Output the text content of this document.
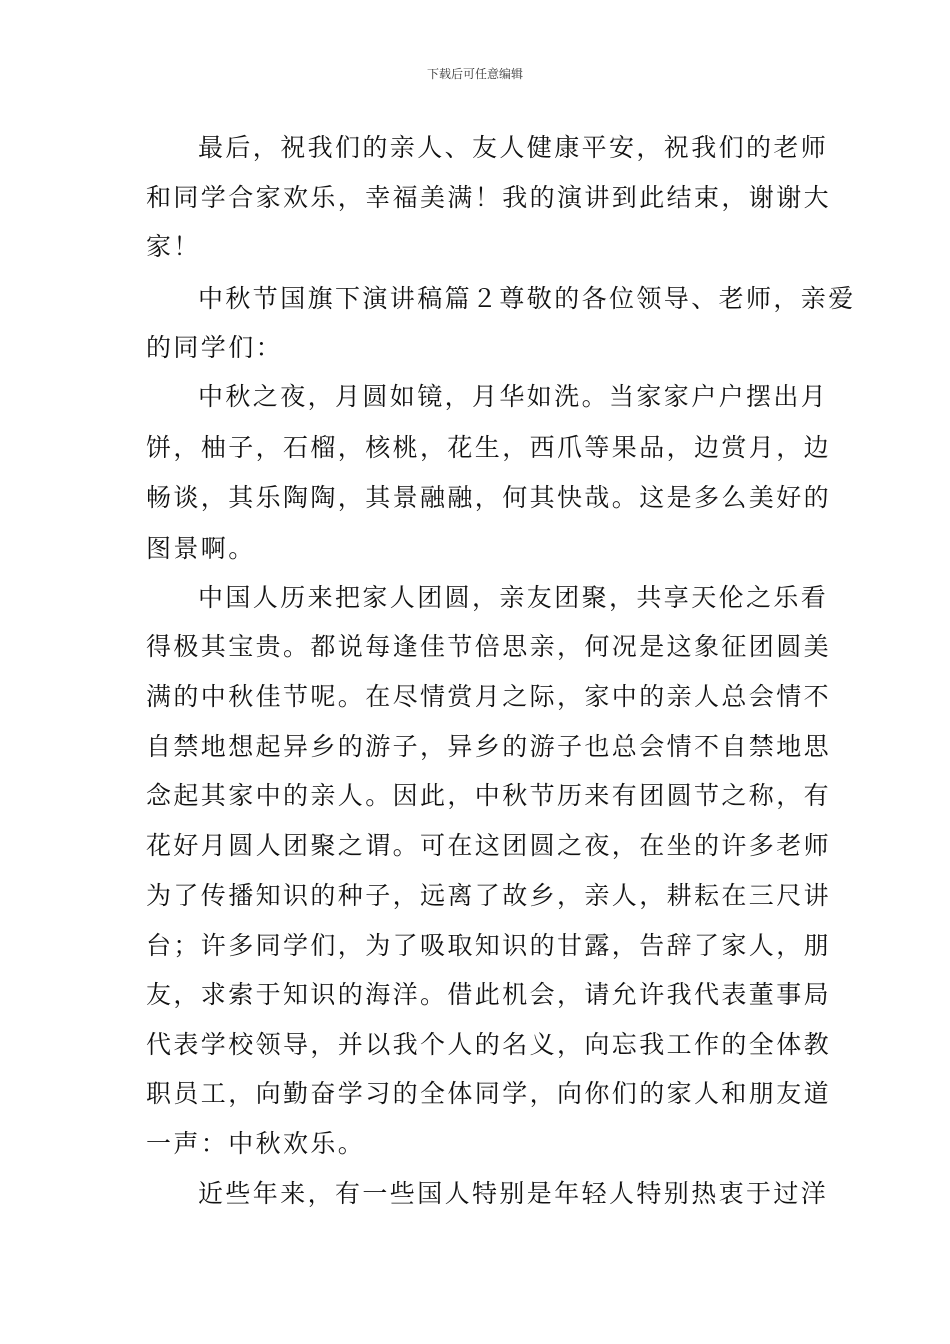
下载后可任意编辑
最后，祝我们的亲人、友人健康平安，祝我们的老师
和同学合家欢乐，幸福美满！我的演讲到此结束，谢谢大
家！
中秋节国旗下演讲稿篇２尊敬的各位领导、老师，亲爱
的同学们：
中秋之夜，月圆如镜，月华如洗。当家家户户摆出月
饼，柚子，石榴，核桃，花生，西爪等果品，边赏月，边
畅谈，其乐陶陶，其景融融，何其快哉。这是多么美好的
图景啊。
中国人历来把家人团圆，亲友团聚，共享天伦之乐看
得极其宝贵。都说每逢佳节倍思亲，何况是这象征团圆美
满的中秋佳节呢。在尽情赏月之际，家中的亲人总会情不
自禁地想起异乡的游子，异乡的游子也总会情不自禁地思
念起其家中的亲人。因此，中秋节历来有团圆节之称，有
花好月圆人团聚之谓。可在这团圆之夜，在坐的许多老师
为了传播知识的种子，远离了故乡，亲人，耕耘在三尺讲
台；许多同学们，为了吸取知识的甘露，告辞了家人，朋
友，求索于知识的海洋。借此机会，请允许我代表董事局
代表学校领导，并以我个人的名义，向忘我工作的全体教
职员工，向勤奋学习的全体同学，向你们的家人和朋友道
一声：中秋欢乐。
近些年来，有一些国人特别是年轻人特别热衷于过洋
